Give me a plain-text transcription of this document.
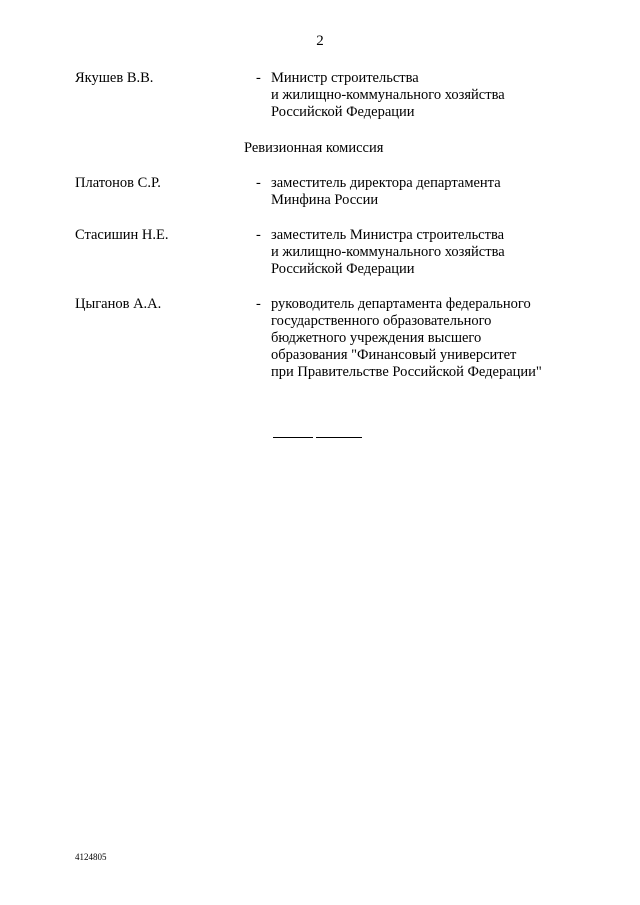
2
Якушев В.В.	- Министр строительства
и жилищно-коммунального хозяйства
Российской Федерации
Ревизионная комиссия
Платонов С.Р.	- заместитель директора департамента
Минфина России
Стасишин Н.Е.	- заместитель Министра строительства
и жилищно-коммунального хозяйства
Российской Федерации
Цыганов А.А.	- руководитель департамента федерального
государственного образовательного
бюджетного учреждения высшего
образования "Финансовый университет
при Правительстве Российской Федерации"
4124805
